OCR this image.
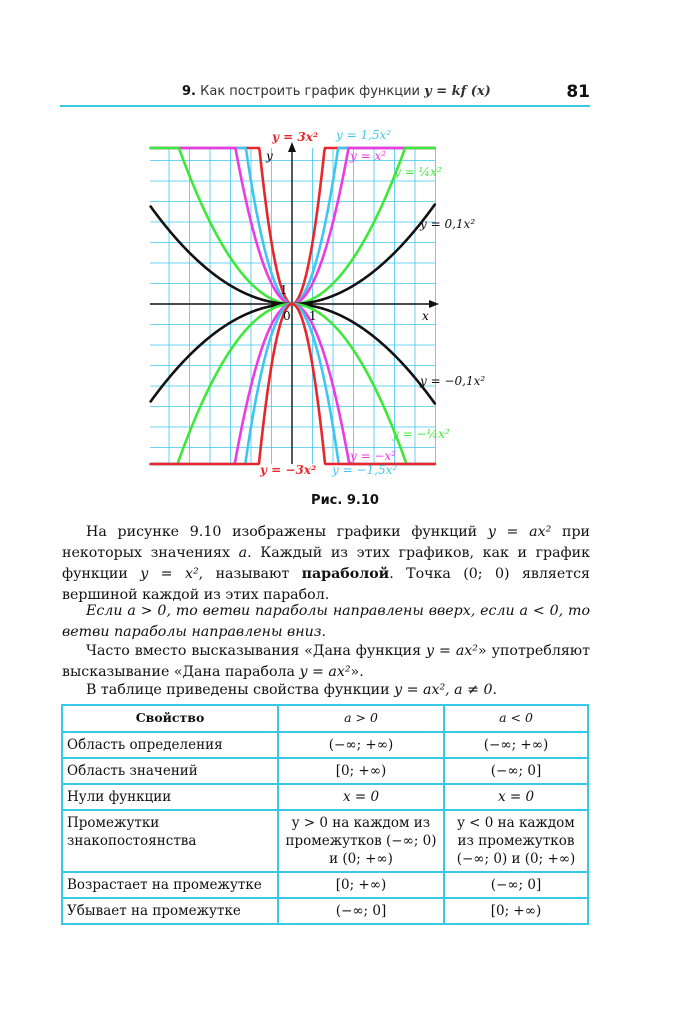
9. Как построить график функции y = kf (x)	81
y = 3x² y = 1,5x²
y = x²
y = ¼x²
y = 0,1x²
y = −0,1x²
y = −¼x²
y = −x²
y = −3x² y = −1,5x²
x
y
0 1
1
Рис. 9.10

На рисунке 9.10 изображены графики функций y = ax² при некоторых значениях a. Каждый из этих графиков, как и график функции y = x², называют параболой. Точка (0; 0) является вершиной каждой из этих парабол.

Если a > 0, то ветви параболы направлены вверх, если a < 0, то ветви параболы направлены вниз.

Часто вместо высказывания «Дана функция y = ax²» употребляют высказывание «Дана парабола y = ax²».

В таблице приведены свойства функции y = ax², a ≠ 0.

Свойство	a > 0	a < 0
Область определения	(−∞; +∞)	(−∞; +∞)
Область значений	[0; +∞)	(−∞; 0]
Нули функции	x = 0	x = 0
Промежутки знакопостоянства	y > 0 на каждом из промежутков (−∞; 0) и (0; +∞)	y < 0 на каждом из промежутков (−∞; 0) и (0; +∞)
Возрастает на промежутке	[0; +∞)	(−∞; 0]
Убывает на промежутке	(−∞; 0]	[0; +∞)
